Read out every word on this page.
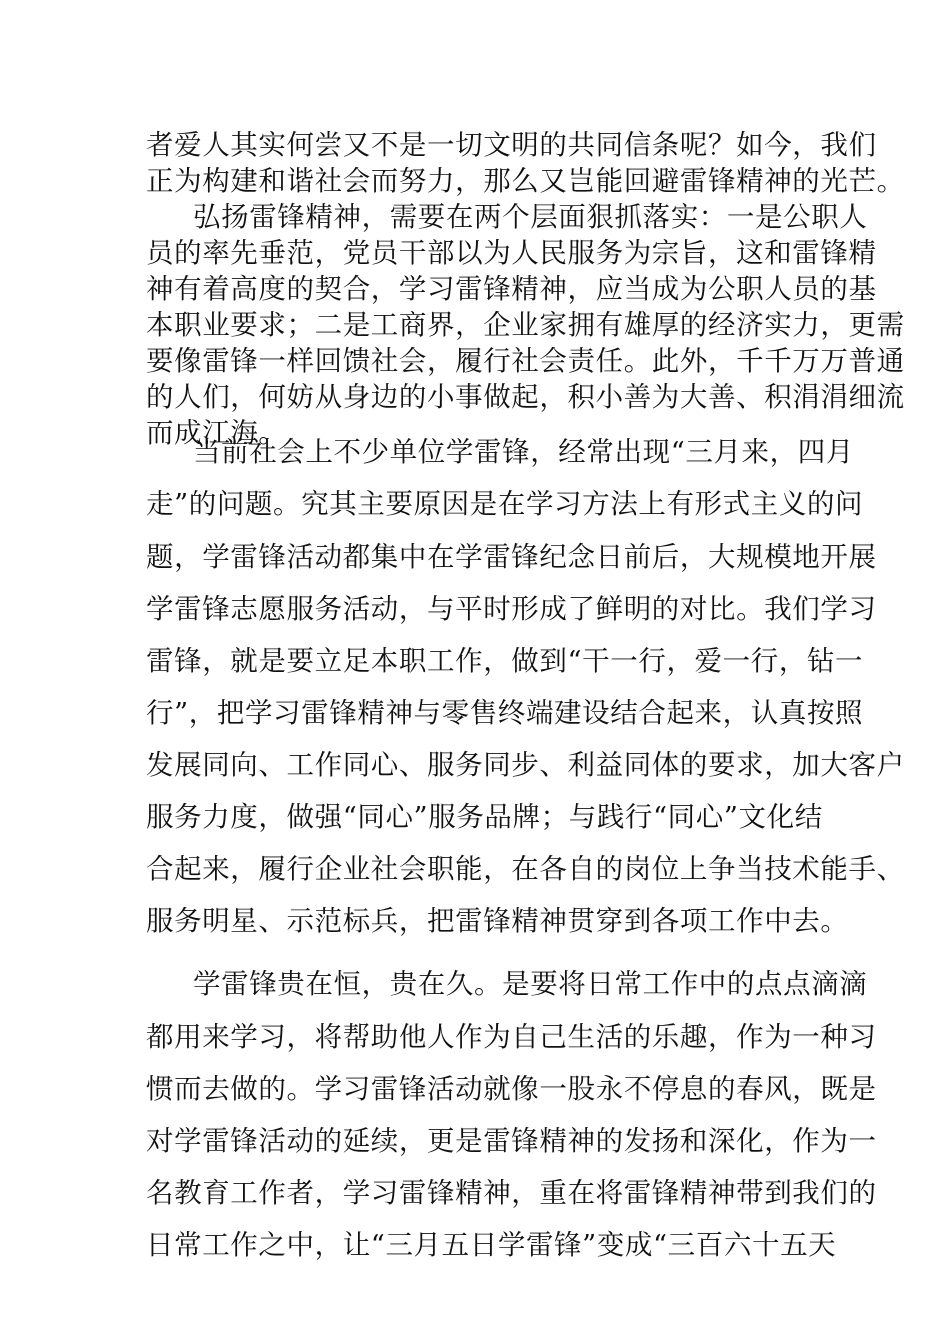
者爱人其实何尝又不是一切文明的共同信条呢？如今，我们
正为构建和谐社会而努力，那么又岂能回避雷锋精神的光芒。
弘扬雷锋精神，需要在两个层面狠抓落实：一是公职人
员的率先垂范，党员干部以为人民服务为宗旨，这和雷锋精
神有着高度的契合，学习雷锋精神，应当成为公职人员的基
本职业要求；二是工商界，企业家拥有雄厚的经济实力，更需
要像雷锋一样回馈社会，履行社会责任。此外，千千万万普通
的人们，何妨从身边的小事做起，积小善为大善、积涓涓细流
而成江海。
当前社会上不少单位学雷锋，经常出现“三月来，四月
走”的问题。究其主要原因是在学习方法上有形式主义的问
题，学雷锋活动都集中在学雷锋纪念日前后，大规模地开展
学雷锋志愿服务活动，与平时形成了鲜明的对比。我们学习
雷锋，就是要立足本职工作，做到“干一行，爱一行，钻一
行”，把学习雷锋精神与零售终端建设结合起来，认真按照
发展同向、工作同心、服务同步、利益同体的要求，加大客户
服务力度，做强“同心”服务品牌；与践行“同心”文化结
合起来，履行企业社会职能，在各自的岗位上争当技术能手、
服务明星、示范标兵，把雷锋精神贯穿到各项工作中去。
学雷锋贵在恒，贵在久。是要将日常工作中的点点滴滴
都用来学习，将帮助他人作为自己生活的乐趣，作为一种习
惯而去做的。学习雷锋活动就像一股永不停息的春风，既是
对学雷锋活动的延续，更是雷锋精神的发扬和深化，作为一
名教育工作者，学习雷锋精神，重在将雷锋精神带到我们的
日常工作之中，让“三月五日学雷锋”变成“三百六十五天
